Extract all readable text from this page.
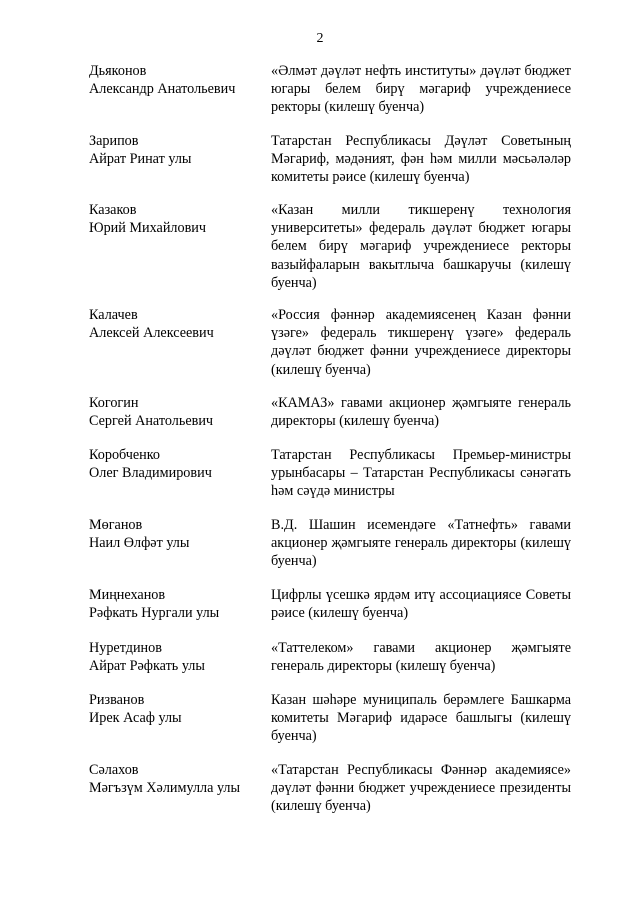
2
Дьяконов
Александр Анатольевич
«Әлмәт дәүләт нефть институты» дәүләт бюджет югары белем бирү мәгариф учреждениесе ректоры (килешү буенча)
Зарипов
Айрат Ринат улы
Татарстан Республикасы Дәүләт Советының Мәгариф, мәдәният, фән һәм милли мәсьәләләр комитеты рәисе (килешү буенча)
Казаков
Юрий Михайлович
«Казан милли тикшеренү технология университеты» федераль дәүләт бюджет югары белем бирү мәгариф учреждениесе ректоры вазыйфаларын вакытлыча башкаручы (килешү буенча)
Калачев
Алексей Алексеевич
«Россия фәннәр академиясенең Казан фәнни үзәге» федераль тикшеренү үзәге» федераль дәүләт бюджет фәнни учреждениесе директоры (килешү буенча)
Когогин
Сергей Анатольевич
«КАМАЗ» гавами акционер җәмгыяте генераль директоры (килешү буенча)
Коробченко
Олег Владимирович
Татарстан Республикасы Премьер-министры урынбасары – Татарстан Республикасы сәнәгать һәм сәүдә министры
Мөганов
Наил Өлфәт улы
В.Д. Шашин исемендәге «Татнефть» гавами акционер җәмгыяте генераль директоры (килешү буенча)
Миңнеханов
Рәфкать Нургали улы
Цифрлы үсешкә ярдәм итү ассоциациясе Советы рәисе (килешү буенча)
Нуретдинов
Айрат Рәфкать улы
«Таттелеком» гавами акционер җәмгыяте генераль директоры (килешү буенча)
Ризванов
Ирек Асаф улы
Казан шәһәре муниципаль берәмлеге Башкарма комитеты Мәгариф идарәсе башлыгы (килешү буенча)
Сәлахов
Мәгъзүм Хәлимулла улы
«Татарстан Республикасы Фәннәр академиясе» дәүләт фәнни бюджет учреждениесе президенты (килешү буенча)
